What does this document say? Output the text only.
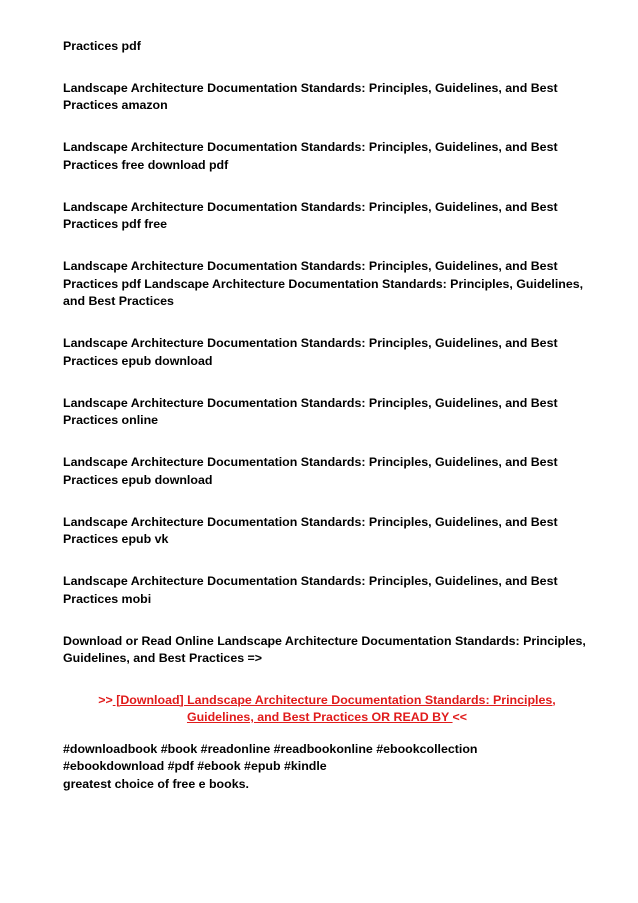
Practices pdf

Landscape Architecture Documentation Standards: Principles, Guidelines, and Best Practices amazon

Landscape Architecture Documentation Standards: Principles, Guidelines, and Best Practices free download pdf

Landscape Architecture Documentation Standards: Principles, Guidelines, and Best Practices pdf free

Landscape Architecture Documentation Standards: Principles, Guidelines, and Best Practices pdf Landscape Architecture Documentation Standards: Principles, Guidelines, and Best Practices

Landscape Architecture Documentation Standards: Principles, Guidelines, and Best Practices epub download

Landscape Architecture Documentation Standards: Principles, Guidelines, and Best Practices online

Landscape Architecture Documentation Standards: Principles, Guidelines, and Best Practices epub download

Landscape Architecture Documentation Standards: Principles, Guidelines, and Best Practices epub vk

Landscape Architecture Documentation Standards: Principles, Guidelines, and Best Practices mobi

Download or Read Online Landscape Architecture Documentation Standards: Principles, Guidelines, and Best Practices =>

>> [Download] Landscape Architecture Documentation Standards: Principles, Guidelines, and Best Practices OR READ BY <<
#downloadbook #book #readonline #readbookonline #ebookcollection
#ebookdownload #pdf #ebook #epub #kindle
greatest choice of free e books.
